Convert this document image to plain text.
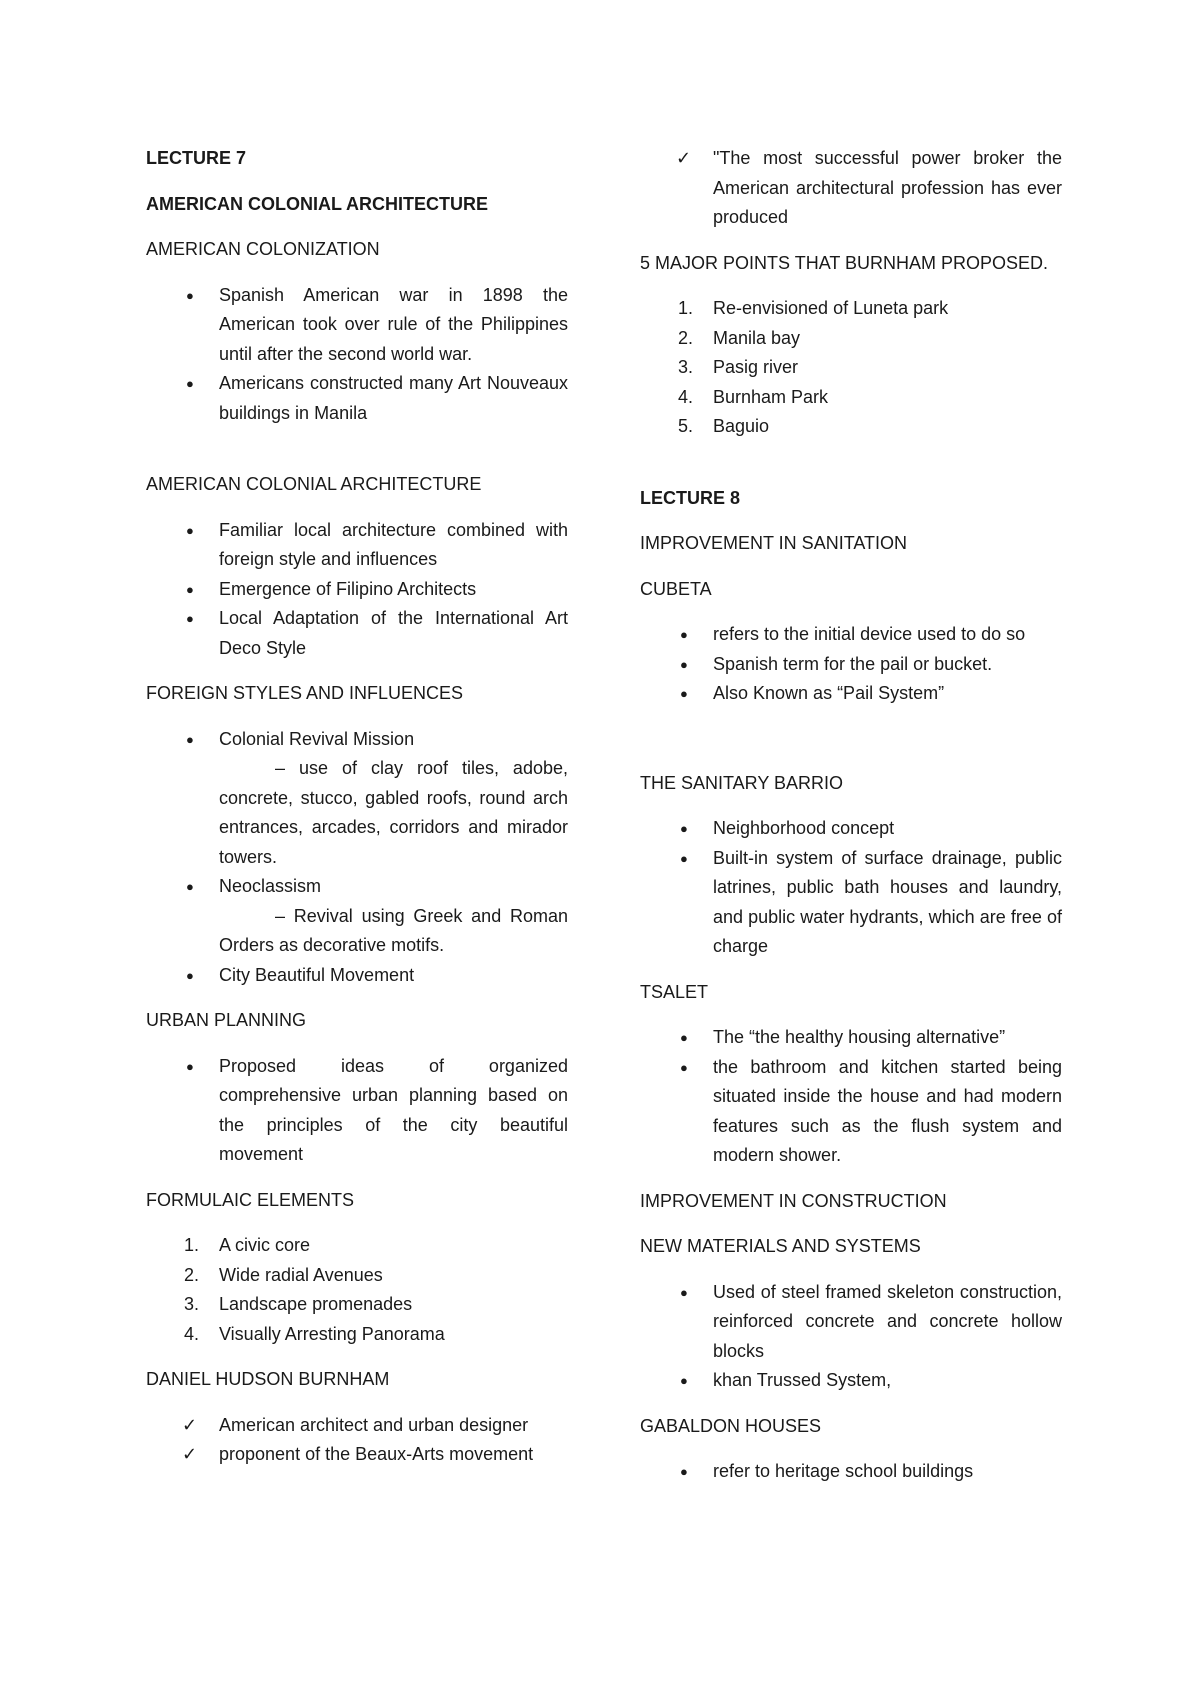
LECTURE 7
AMERICAN COLONIAL ARCHITECTURE
AMERICAN COLONIZATION
●	Spanish American war in 1898 the American took over rule of the Philippines until after the second world war.
●	Americans constructed many Art Nouveaux buildings in Manila
AMERICAN COLONIAL ARCHITECTURE
●	Familiar local architecture combined with foreign style and influences
●	Emergence of Filipino Architects
●	Local Adaptation of the International Art Deco Style
FOREIGN STYLES AND INFLUENCES
●	Colonial Revival Mission
– use of clay roof tiles, adobe, concrete, stucco, gabled roofs, round arch entrances, arcades, corridors and mirador towers.
●	Neoclassism
– Revival using Greek and Roman Orders as decorative motifs.
●	City Beautiful Movement
URBAN PLANNING
●	Proposed ideas of organized comprehensive urban planning based on the principles of the city beautiful movement
FORMULAIC ELEMENTS
1.	A civic core
2.	Wide radial Avenues
3.	Landscape promenades
4.	Visually Arresting Panorama
DANIEL HUDSON BURNHAM
✓	American architect and urban designer
✓	proponent of the Beaux-Arts movement
✓	"The most successful power broker the American architectural profession has ever produced
5 MAJOR POINTS THAT BURNHAM PROPOSED.
1.	Re-envisioned of Luneta park
2.	Manila bay
3.	Pasig river
4.	Burnham Park
5.	Baguio
LECTURE 8
IMPROVEMENT IN SANITATION
CUBETA
●	refers to the initial device used to do so
●	Spanish term for the pail or bucket.
●	Also Known as “Pail System”
THE SANITARY BARRIO
●	Neighborhood concept
●	Built-in system of surface drainage, public latrines, public bath houses and laundry, and public water hydrants, which are free of charge
TSALET
●	The “the healthy housing alternative”
●	the bathroom and kitchen started being situated inside the house and had modern features such as the flush system and modern shower.
IMPROVEMENT IN CONSTRUCTION
NEW MATERIALS AND SYSTEMS
●	Used of steel framed skeleton construction, reinforced concrete and concrete hollow blocks
●	khan Trussed System,
GABALDON HOUSES
●	refer to heritage school buildings
